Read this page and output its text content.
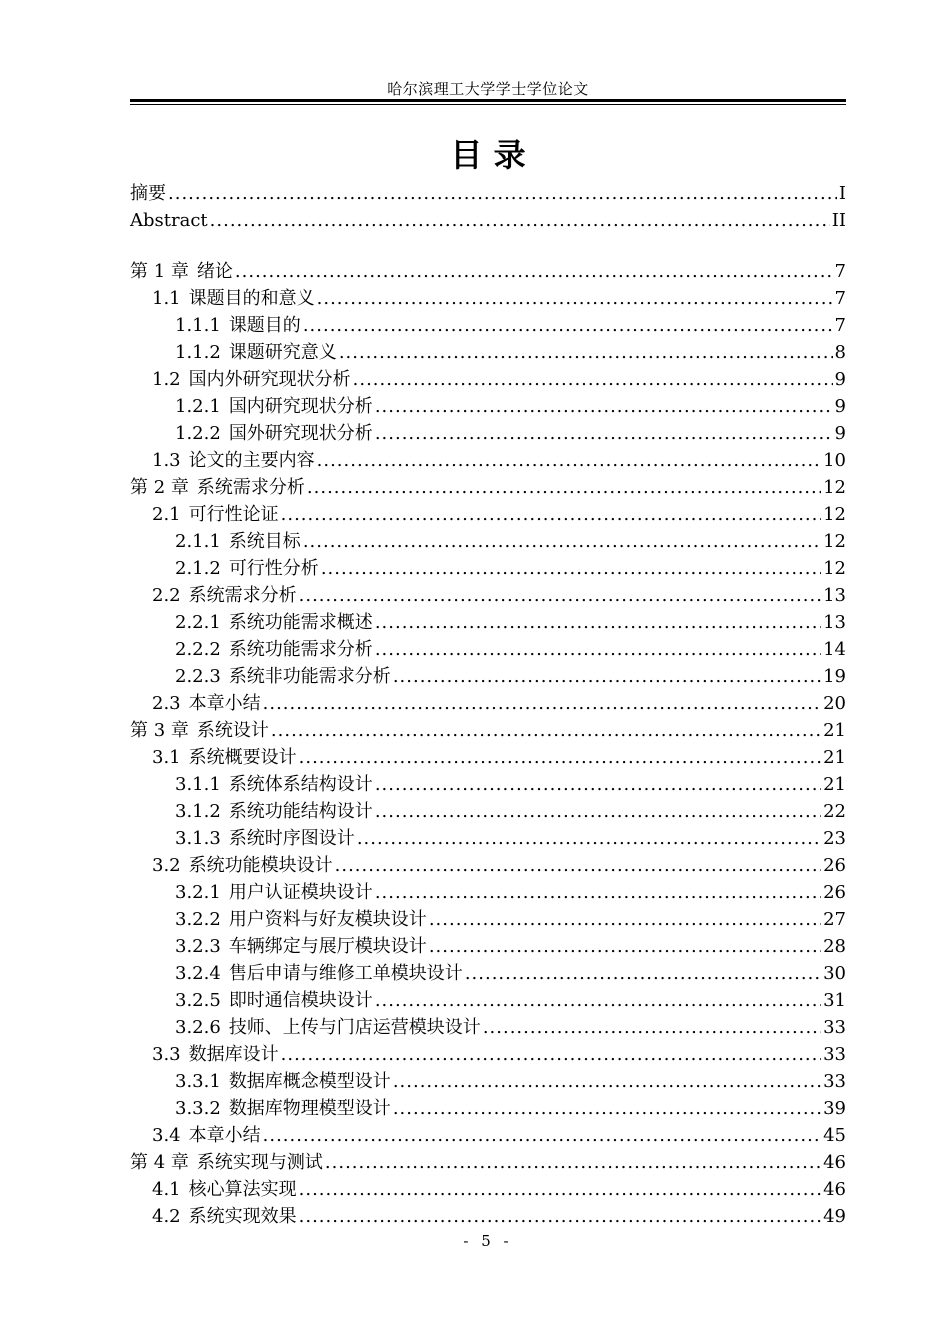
哈尔滨理工大学学士学位论文
目 录
摘要 .....	I
Abstract .....	II
第 1 章 绪论 .....	7
1.1 课题目的和意义 .....	7
1.1.1 课题目的 .....	7
1.1.2 课题研究意义 .....	8
1.2 国内外研究现状分析 .....	9
1.2.1 国内研究现状分析 .....	9
1.2.2 国外研究现状分析 .....	9
1.3 论文的主要内容 .....	10
第 2 章 系统需求分析 .....	12
2.1 可行性论证 .....	12
2.1.1 系统目标 .....	12
2.1.2 可行性分析 .....	12
2.2 系统需求分析 .....	13
2.2.1 系统功能需求概述 .....	13
2.2.2 系统功能需求分析 .....	14
2.2.3 系统非功能需求分析 .....	19
2.3 本章小结 .....	20
第 3 章 系统设计 .....	21
3.1 系统概要设计 .....	21
3.1.1 系统体系结构设计 .....	21
3.1.2 系统功能结构设计 .....	22
3.1.3 系统时序图设计 .....	23
3.2 系统功能模块设计 .....	26
3.2.1 用户认证模块设计 .....	26
3.2.2 用户资料与好友模块设计 .....	27
3.2.3 车辆绑定与展厅模块设计 .....	28
3.2.4 售后申请与维修工单模块设计 .....	30
3.2.5 即时通信模块设计 .....	31
3.2.6 技师、上传与门店运营模块设计 .....	33
3.3 数据库设计 .....	33
3.3.1 数据库概念模型设计 .....	33
3.3.2 数据库物理模型设计 .....	39
3.4 本章小结 .....	45
第 4 章 系统实现与测试 .....	46
4.1 核心算法实现 .....	46
4.2 系统实现效果 .....	49
- 5 -
